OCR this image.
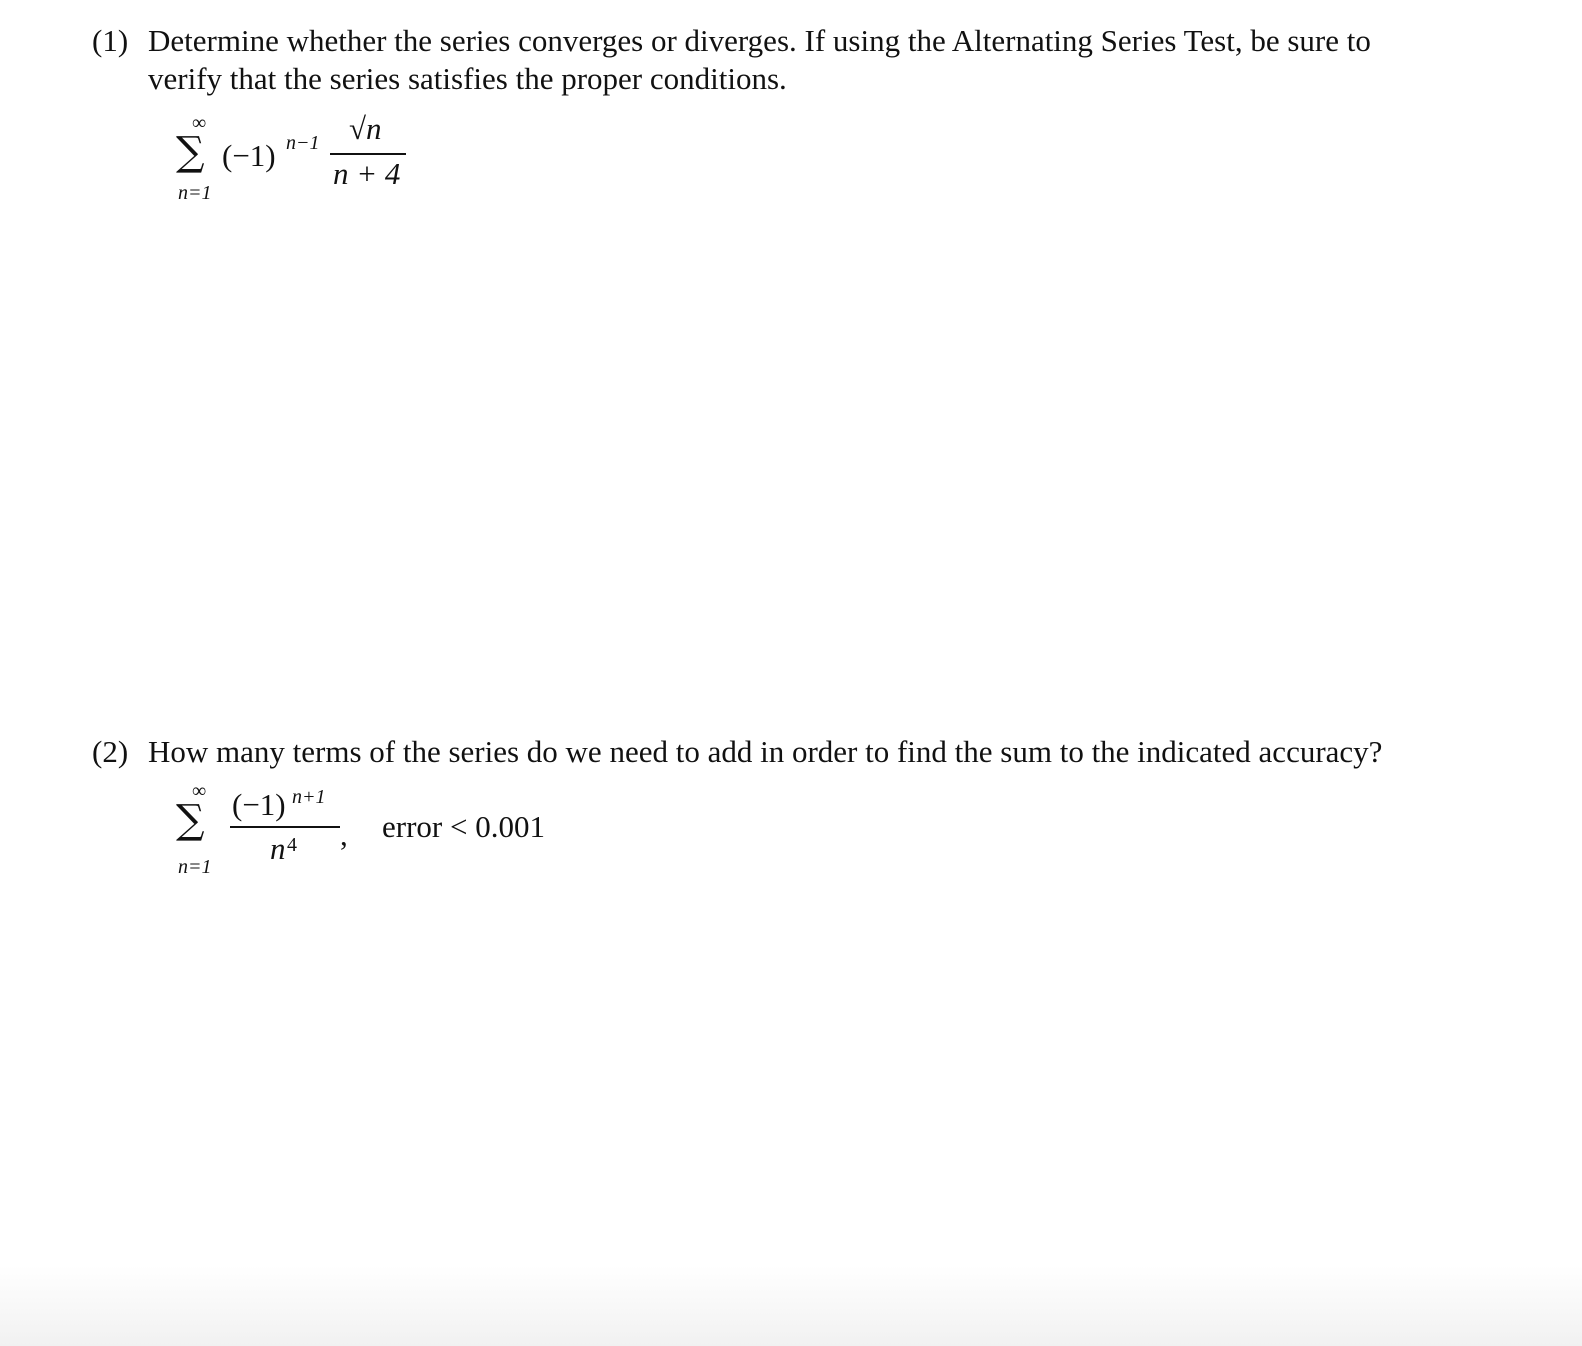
(1) Determine whether the series converges or diverges. If using the Alternating Series Test, be sure to
verify that the series satisfies the proper conditions.
∞
∑
n=1
(−1) n−1 √n
n + 4
(2) How many terms of the series do we need to add in order to find the sum to the indicated accuracy?
∞
∑
n=1
(−1) n+1
n 4 , error < 0.001
